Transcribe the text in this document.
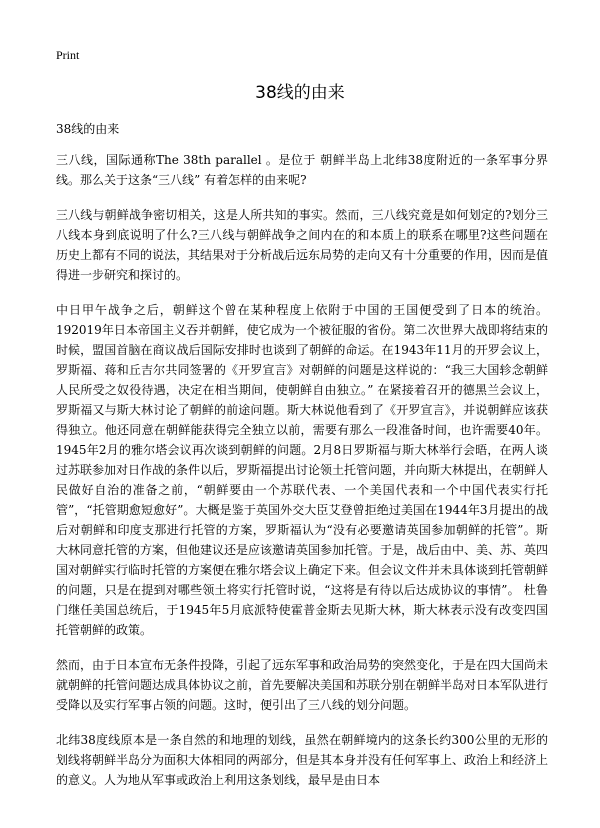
Print
38线的由来
38线的由来

三八线，国际通称The 38th parallel 。是位于 朝鲜半岛上北纬38度附近的一条军事分界线。那么关于这条“三八线” 有着怎样的由来呢?

三八线与朝鲜战争密切相关，这是人所共知的事实。然而，三八线究竟是如何划定的?划分三八线本身到底说明了什么?三八线与朝鲜战争之间内在的和本质上的联系在哪里?这些问题在历史上都有不同的说法，其结果对于分析战后远东局势的走向又有十分重要的作用，因而是值得进一步研究和探讨的。

中日甲午战争之后，朝鲜这个曾在某种程度上依附于中国的王国便受到了日本的统治。192019年日本帝国主义吞并朝鲜，使它成为一个被征服的省份。第二次世界大战即将结束的时候，盟国首脑在商议战后国际安排时也谈到了朝鲜的命运。在1943年11月的开罗会议上，罗斯福、蒋和丘吉尔共同签署的《开罗宣言》对朝鲜的问题是这样说的：“我三大国轸念朝鲜人民所受之奴役待遇，决定在相当期间，使朝鲜自由独立。” 在紧接着召开的德黑兰会议上，罗斯福又与斯大林讨论了朝鲜的前途问题。斯大林说他看到了《开罗宣言》，并说朝鲜应该获得独立。他还同意在朝鲜能获得完全独立以前，需要有那么一段准备时间，也许需要40年。 1945年2月的雅尔塔会议再次谈到朝鲜的问题。2月8日罗斯福与斯大林举行会晤，在两人谈过苏联参加对日作战的条件以后，罗斯福提出讨论领土托管问题，并向斯大林提出，在朝鲜人民做好自治的准备之前，“朝鲜要由一个苏联代表、一个美国代表和一个中国代表实行托管”，“托管期愈短愈好”。大概是鉴于英国外交大臣艾登曾拒绝过美国在1944年3月提出的战后对朝鲜和印度支那进行托管的方案，罗斯福认为“没有必要邀请英国参加朝鲜的托管”。斯大林同意托管的方案，但他建议还是应该邀请英国参加托管。于是，战后由中、美、苏、英四国对朝鲜实行临时托管的方案便在雅尔塔会议上确定下来。但会议文件并未具体谈到托管朝鲜的问题，只是在提到对哪些领土将实行托管时说，“这将是有待以后达成协议的事情”。 杜鲁门继任美国总统后，于1945年5月底派特使霍普金斯去见斯大林，斯大林表示没有改变四国托管朝鲜的政策。

然而，由于日本宣布无条件投降，引起了远东军事和政治局势的突然变化，于是在四大国尚未就朝鲜的托管问题达成具体协议之前，首先要解决美国和苏联分别在朝鲜半岛对日本军队进行受降以及实行军事占领的问题。这时，便引出了三八线的划分问题。

北纬38度线原本是一条自然的和地理的划线，虽然在朝鲜境内的这条长约300公里的无形的划线将朝鲜半岛分为面积大体相同的两部分，但是其本身并没有任何军事上、政治上和经济上的意义。人为地从军事或政治上利用这条划线，最早是由日本
